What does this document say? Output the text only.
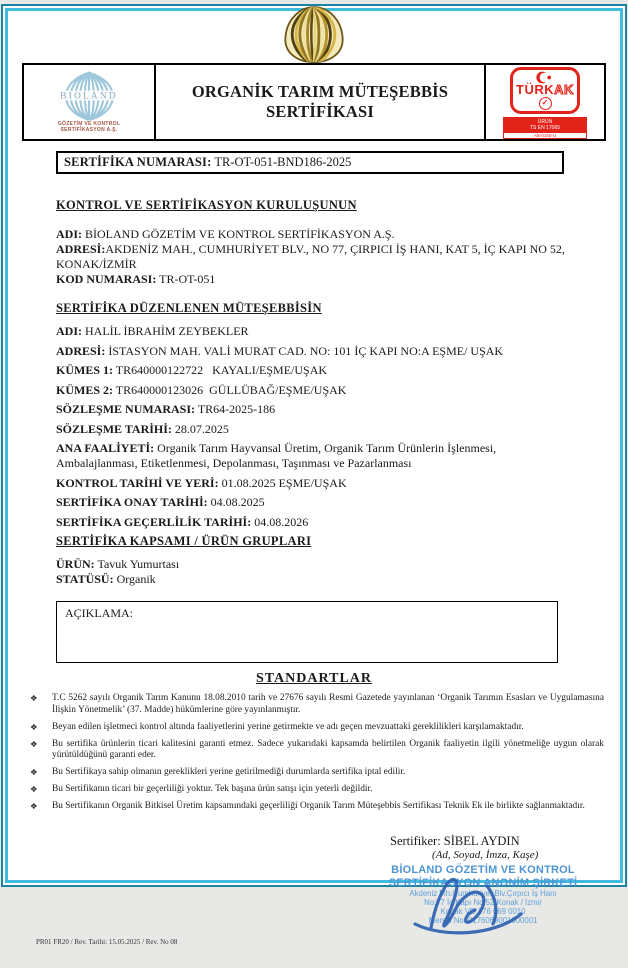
BIOLAND
GÖZETİM VE KONTROL
SERTİFİKASYON A.Ş.
ORGANİK TARIM MÜTEŞEBBİS SERTİFİKASI
TÜRKAK
✓
ÜRÜN
TS EN 17065
AB-0150-U
SERTİFİKA NUMARASI: TR-OT-051-BND186-2025
KONTROL VE SERTİFİKASYON KURULUŞUNUN
ADI: BİOLAND GÖZETİM VE KONTROL SERTİFİKASYON A.Ş.
ADRESİ:AKDENİZ MAH., CUMHURİYET BLV., NO 77, ÇIRPICI İŞ HANI, KAT 5, İÇ KAPI NO 52, KONAK/İZMİR
KOD NUMARASI: TR-OT-051
SERTİFİKA DÜZENLENEN MÜTEŞEBBİSİN
ADI: HALİL İBRAHİM ZEYBEKLER
ADRESİ: İSTASYON MAH. VALİ MURAT CAD. NO: 101 İÇ KAPI NO:A EŞME/ UŞAK
KÜMES 1: TR640000122722   KAYALI/EŞME/UŞAK
KÜMES 2: TR640000123026  GÜLLÜBAĞ/EŞME/UŞAK
SÖZLEŞME NUMARASI: TR64-2025-186
SÖZLEŞME TARİHİ: 28.07.2025
ANA FAALİYETİ: Organik Tarım Hayvansal Üretim, Organik Tarım Ürünlerin İşlenmesi, Ambalajlanması, Etiketlenmesi, Depolanması, Taşınması ve Pazarlanması
KONTROL TARİHİ VE YERİ: 01.08.2025 EŞME/UŞAK
SERTİFİKA ONAY TARİHİ: 04.08.2025
SERTİFİKA GEÇERLİLİK TARİHİ: 04.08.2026
SERTİFİKA KAPSAMI / ÜRÜN GRUPLARI
ÜRÜN: Tavuk Yumurtası
STATÜSÜ: Organik
AÇIKLAMA:
STANDARTLAR
❖ T.C 5262 sayılı Organik Tarım Kanunu 18.08.2010 tarih ve 27676 sayılı Resmi Gazetede yayınlanan ‘Organik Tarımın Esasları ve Uygulamasına İlişkin Yönetmelik’ (37. Madde) hükümlerine göre yayınlanmıştır.
❖ Beyan edilen işletmeci kontrol altında faaliyetlerini yerine getirmekte ve adı geçen mevzuattaki gereklilikleri karşılamaktadır.
❖ Bu sertifika ürünlerin ticari kalitesini garanti etmez. Sadece yukarıdaki kapsamda belirtilen Organik faaliyetin ilgili yönetmeliğe uygun olarak yürütüldüğünü garanti eder.
❖ Bu Sertifikaya sahip olmanın gereklikleri yerine getirilmediği durumlarda sertifika iptal edilir.
❖ Bu Sertifikanın ticari bir geçerliliği yoktur. Tek başına ürün satışı için yeterli değildir.
❖ Bu Sertifikanın Organik Bitkisel Üretim kapsamındaki geçerliliği Organik Tarım Müteşebbis Sertifikası Teknik Ek ile birlikte sağlanmaktadır.
Sertifiker: SİBEL AYDIN
(Ad, Soyad, İmza, Kaşe)
BİOLAND GÖZETİM VE KONTROL
SERTİFİKASYON ANONİM ŞİRKETİ
Akdeniz Mh.Cumhuriyet Blv.Çırpıcı İş Hanı
No:77 İç Kapı No:52 Konak / İzmir
Konak VD 176 069 0010
Mersis No: 0176069001000001
PR01 FR20 / Rev. Tarihi: 15.05.2025 / Rev. No 08
